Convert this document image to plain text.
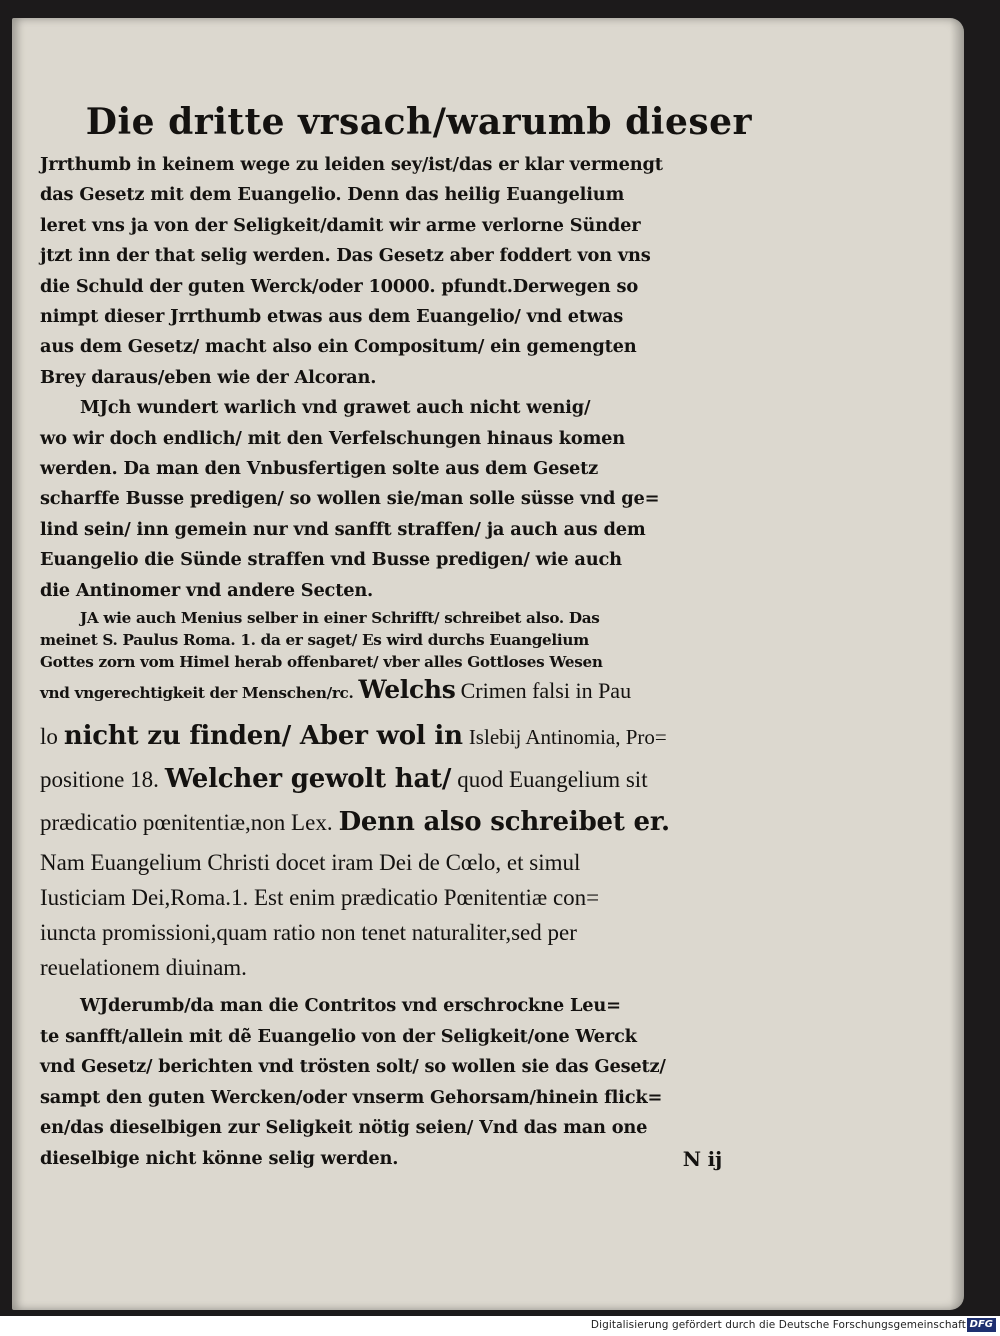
Die dritte vrsach/warumb dieser
Jrrthumb in keinem wege zu leiden sey/ist/das er klar vermengt
das Gesetz mit dem Euangelio. Denn das heilig Euangelium
leret vns ja von der Seligkeit/damit wir arme verlorne Sünder
jtzt inn der that selig werden. Das Gesetz aber foddert von vns
die Schuld der guten Werck/oder 10000. pfundt.Derwegen so
nimpt dieser Jrrthumb etwas aus dem Euangelio/ vnd etwas
aus dem Gesetz/ macht also ein Compositum/ ein gemengten
Brey daraus/eben wie der Alcoran.
MJch wundert warlich vnd grawet auch nicht wenig/
wo wir doch endlich/ mit den Verfelschungen hinaus komen
werden. Da man den Vnbusfertigen solte aus dem Gesetz
scharffe Busse predigen/ so wollen sie/man solle süsse vnd ge=
lind sein/ inn gemein nur vnd sanfft straffen/ ja auch aus dem
Euangelio die Sünde straffen vnd Busse predigen/ wie auch
die Antinomer vnd andere Secten.
JA wie auch Menius selber in einer Schrifft/ schreibet also. Das
meinet S. Paulus Roma. 1. da er saget/ Es wird durchs Euangelium
Gottes zorn vom Himel herab offenbaret/ vber alles Gottloses Wesen
vnd vngerechtigkeit der Menschen/rc. Welchs Crimen falsi in Pau
lo nicht zu finden/ Aber wol in Islebij Antinomia, Pro=
positione 18. Welcher gewolt hat/ quod Euangelium sit
prædicatio pœnitentiæ,non Lex. Denn also schreibet er.
Nam Euangelium Christi docet iram Dei de Cœlo, et simul
Iusticiam Dei,Roma.1. Est enim prædicatio Pœnitentiæ con=
iuncta promissioni,quam ratio non tenet naturaliter,sed per
reuelationem diuinam.
WJderumb/da man die Contritos vnd erschrockne Leu=
te sanfft/allein mit dẽ Euangelio von der Seligkeit/one Werck
vnd Gesetz/ berichten vnd trösten solt/ so wollen sie das Gesetz/
sampt den guten Wercken/oder vnserm Gehorsam/hinein flick=
en/das dieselbigen zur Seligkeit nötig seien/ Vnd das man one
dieselbige nicht könne selig werden.	N ij
Digitalisierung gefördert durch die Deutsche Forschungsgemeinschaft DFG
